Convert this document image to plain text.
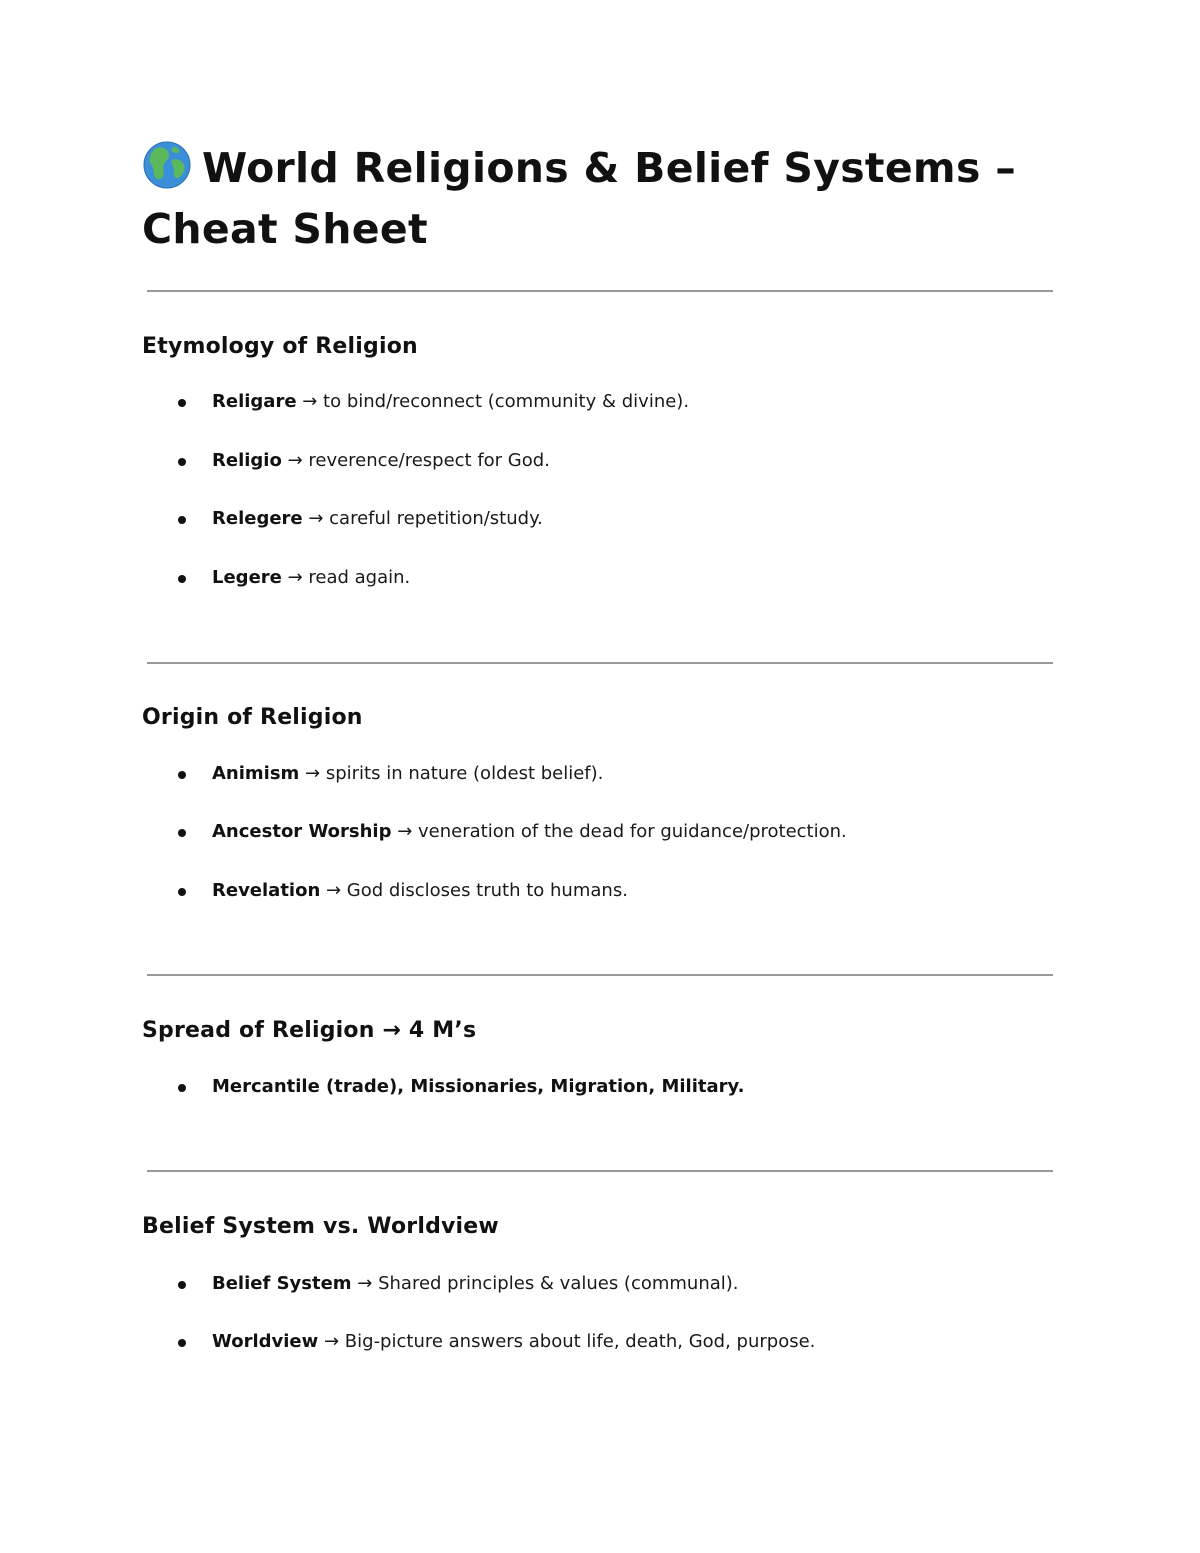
World Religions & Belief Systems –
Cheat Sheet
Etymology of Religion
Religare → to bind/reconnect (community & divine).
Religio → reverence/respect for God.
Relegere → careful repetition/study.
Legere → read again.
Origin of Religion
Animism → spirits in nature (oldest belief).
Ancestor Worship → veneration of the dead for guidance/protection.
Revelation → God discloses truth to humans.
Spread of Religion → 4 M’s
Mercantile (trade), Missionaries, Migration, Military.
Belief System vs. Worldview
Belief System → Shared principles & values (communal).
Worldview → Big-picture answers about life, death, God, purpose.
